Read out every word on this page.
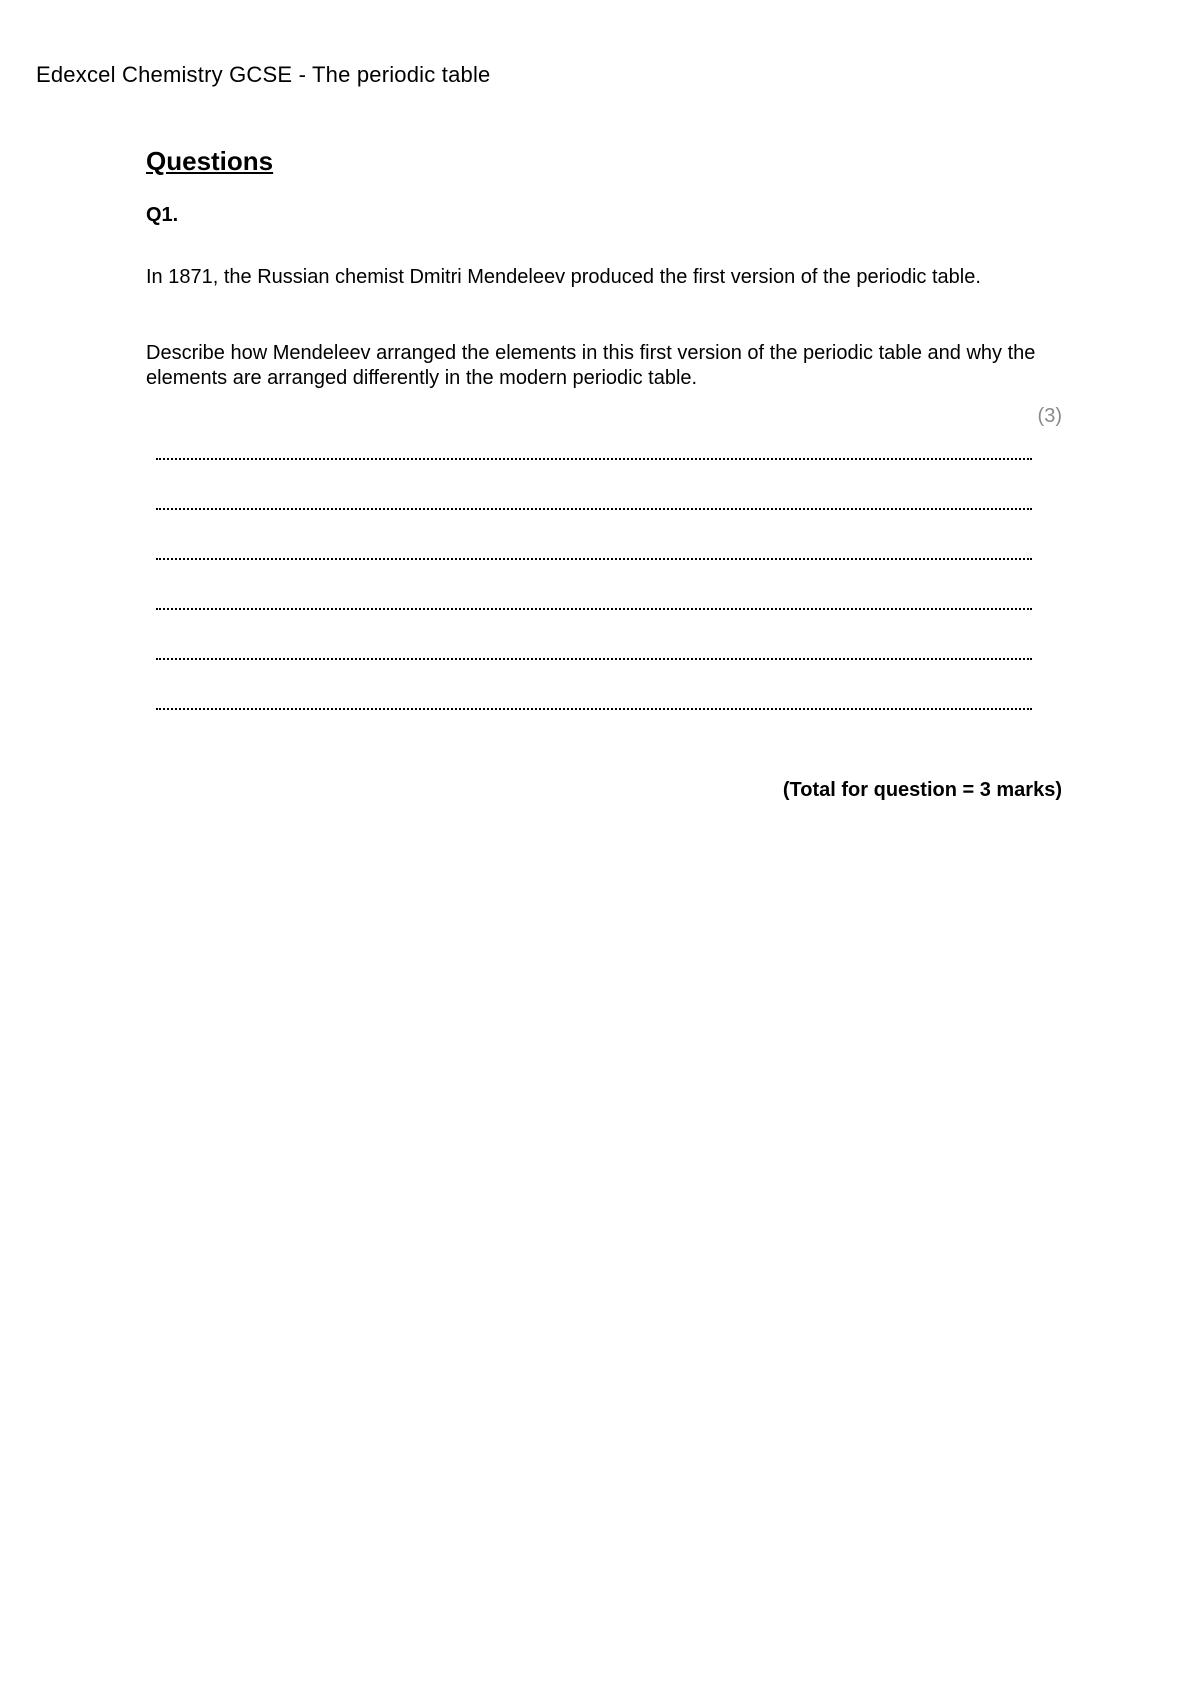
Edexcel Chemistry GCSE - The periodic table
Questions
Q1.
In 1871, the Russian chemist Dmitri Mendeleev produced the first version of the periodic table.
Describe how Mendeleev arranged the elements in this first version of the periodic table and why the elements are arranged differently in the modern periodic table.
(3)
(Total for question = 3 marks)
